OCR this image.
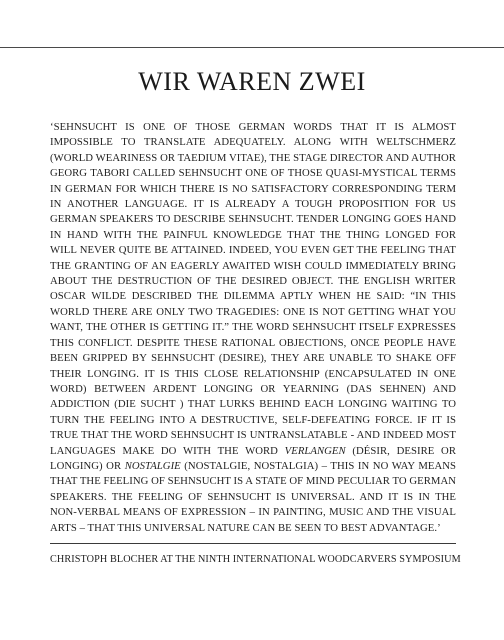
WIR WAREN ZWEI

‘SEHNSUCHT IS ONE OF THOSE GERMAN WORDS THAT IT IS ALMOST IMPOSSIBLE TO TRANSLATE ADEQUATELY. ALONG WITH WELTSCHMERZ (WORLD WEARINESS OR TAEDIUM VITAE), THE STAGE DIRECTOR AND AUTHOR GEORG TABORI CALLED SEHNSUCHT ONE OF THOSE QUASI-MYSTICAL TERMS IN GERMAN FOR WHICH THERE IS NO SATISFACTORY CORRESPONDING TERM IN ANOTHER LANGUAGE. IT IS ALREADY A TOUGH PROPOSITION FOR US GERMAN SPEAKERS TO DESCRIBE SEHNSUCHT. TENDER LONGING GOES HAND IN HAND WITH THE PAINFUL KNOWLEDGE THAT THE THING LONGED FOR WILL NEVER QUITE BE ATTAINED. INDEED, YOU EVEN GET THE FEELING THAT THE GRANTING OF AN EAGERLY AWAITED WISH COULD IMMEDIATELY BRING ABOUT THE DESTRUCTION OF THE DESIRED OBJECT. THE ENGLISH WRITER OSCAR WILDE DESCRIBED THE DILEMMA APTLY WHEN HE SAID: “IN THIS WORLD THERE ARE ONLY TWO TRAGEDIES: ONE IS NOT GETTING WHAT YOU WANT, THE OTHER IS GETTING IT.” THE WORD SEHNSUCHT ITSELF EXPRESSES THIS CONFLICT. DESPITE THESE RATIONAL OBJECTIONS, ONCE PEOPLE HAVE BEEN GRIPPED BY SEHNSUCHT (DESIRE), THEY ARE UNABLE TO SHAKE OFF THEIR LONGING. IT IS THIS CLOSE RELATIONSHIP (ENCAPSULATED IN ONE WORD) BETWEEN ARDENT LONGING OR YEARNING (DAS SEHNEN) AND ADDICTION (DIE SUCHT ) THAT LURKS BEHIND EACH LONGING WAITING TO TURN THE FEELING INTO A DESTRUCTIVE, SELF-DEFEATING FORCE. IF IT IS TRUE THAT THE WORD SEHNSUCHT IS UNTRANSLATABLE - AND INDEED MOST LANGUAGES MAKE DO WITH THE WORD VERLANGEN (DÉSIR, DESIRE OR LONGING) OR NOSTALGIE (NOSTALGIE, NOSTALGIA) – THIS IN NO WAY MEANS THAT THE FEELING OF SEHNSUCHT IS A STATE OF MIND PECULIAR TO GERMAN SPEAKERS. THE FEELING OF SEHNSUCHT IS UNIVERSAL. AND IT IS IN THE NON-VERBAL MEANS OF EXPRESSION – IN PAINTING, MUSIC AND THE VISUAL ARTS – THAT THIS UNIVERSAL NATURE CAN BE SEEN TO BEST ADVANTAGE.’

CHRISTOPH BLOCHER AT THE NINTH INTERNATIONAL WOODCARVERS SYMPOSIUM
